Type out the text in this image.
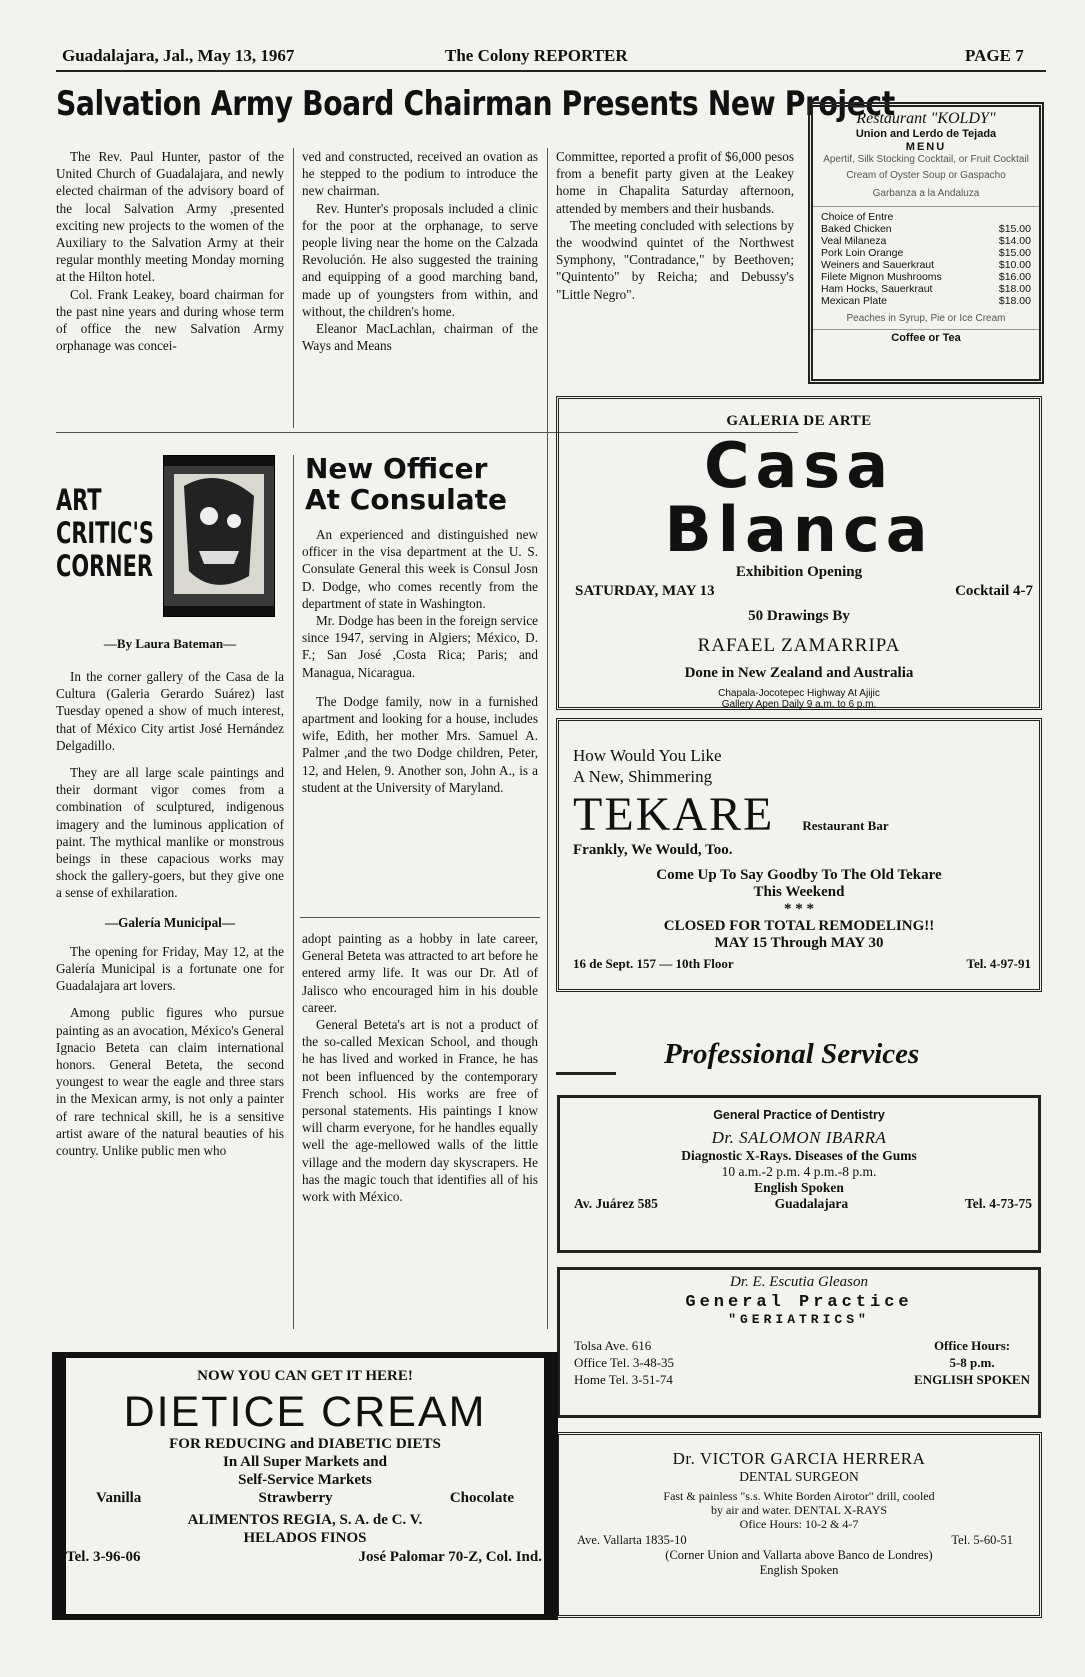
Guadalajara, Jal., May 13, 1967	The Colony REPORTER	PAGE 7
Salvation Army Board Chairman Presents New Project

The Rev. Paul Hunter, pastor of the United Church of Guadalajara, and newly elected chairman of the advisory board of the local Salvation Army ,presented exciting new projects to the women of the Auxiliary to the Salvation Army at their regular monthly meeting Monday morning at the Hilton hotel.

Col. Frank Leakey, board chairman for the past nine years and during whose term of office the new Salvation Army orphanage was concei-

ved and constructed, received an ovation as he stepped to the podium to introduce the new chairman.

Rev. Hunter's proposals included a clinic for the poor at the orphanage, to serve people living near the home on the Calzada Revolución. He also suggested the training and equipping of a good marching band, made up of youngsters from within, and without, the children's home.

Eleanor MacLachlan, chairman of the Ways and Means

Committee, reported a profit of $6,000 pesos from a benefit party given at the Leakey home in Chapalita Saturday afternoon, attended by members and their husbands.

The meeting concluded with selections by the woodwind quintet of the Northwest Symphony, "Contradance," by Beethoven; "Quintento" by Reicha; and Debussy's "Little Negro".

Restaurant "KOLDY"
Union and Lerdo de Tejada
MENU
Apertif, Silk Stocking Cocktail, or Fruit Cocktail
Cream of Oyster Soup or Gaspacho
Garbanza a la Andaluza
Choice of Entre
Baked Chicken	$15.00
Veal Milaneza	$14.00
Pork Loin Orange	$15.00
Weiners and Sauerkraut	$10.00
Filete Mignon Mushrooms	$16.00
Ham Hocks, Sauerkraut	$18.00
Mexican Plate	$18.00
Peaches in Syrup, Pie or Ice Cream
Coffee or Tea
ART CRITIC'S CORNER
—By Laura Bateman—

In the corner gallery of the Casa de la Cultura (Galeria Gerardo Suárez) last Tuesday opened a show of much interest, that of México City artist José Hernández Delgadillo.

They are all large scale paintings and their dormant vigor comes from a combination of sculptured, indigenous imagery and the luminous application of paint. The mythical manlike or monstrous beings in these capacious works may shock the gallery-goers, but they give one a sense of exhilaration.

—Galería Municipal—

The opening for Friday, May 12, at the Galería Municipal is a fortunate one for Guadalajara art lovers.

Among public figures who pursue painting as an avocation, México's General Ignacio Beteta can claim international honors. General Beteta, the second youngest to wear the eagle and three stars in the Mexican army, is not only a painter of rare technical skill, he is a sensitive artist aware of the natural beauties of his country. Unlike public men who

New Officer
At Consulate

An experienced and distinguished new officer in the visa department at the U. S. Consulate General this week is Consul Josn D. Dodge, who comes recently from the department of state in Washington.

Mr. Dodge has been in the foreign service since 1947, serving in Algiers; México, D. F.; San José ,Costa Rica; Paris; and Managua, Nicaragua.

The Dodge family, now in a furnished apartment and looking for a house, includes wife, Edith, her mother Mrs. Samuel A. Palmer ,and the two Dodge children, Peter, 12, and Helen, 9. Another son, John A., is a student at the University of Maryland.

adopt painting as a hobby in late career, General Beteta was attracted to art before he entered army life. It was our Dr. Atl of Jalisco who encouraged him in his double career.

General Beteta's art is not a product of the so-called Mexican School, and though he has lived and worked in France, he has not been influenced by the contemporary French school. His works are free of personal statements. His paintings I know will charm everyone, for he handles equally well the age-mellowed walls of the little village and the modern day skyscrapers. He has the magic touch that identifies all of his work with México.

GALERIA DE ARTE
Casa Blanca
Exhibition Opening
SATURDAY, MAY 13	Cocktail 4-7
50 Drawings By
RAFAEL ZAMARRIPA
Done in New Zealand and Australia
Chapala-Jocotepec Highway At Ajijic
Gallery Apen Daily 9 a.m. to 6 p.m.
How Would You Like
A New, Shimmering
TEKARE Restaurant Bar
Frankly, We Would, Too.
Come Up To Say Goodby To The Old Tekare
This Weekend
* * *
CLOSED FOR TOTAL REMODELING!!
MAY 15 Through MAY 30
16 de Sept. 157 — 10th Floor	Tel. 4-97-91
Professional Services
General Practice of Dentistry
Dr. SALOMON IBARRA
Diagnostic X-Rays. Diseases of the Gums
10 a.m.-2 p.m. 4 p.m.-8 p.m.
English Spoken
Av. Juárez 585	Guadalajara	Tel. 4-73-75
Dr. E. Escutia Gleason
General Practice
"GERIATRICS"
Tolsa Ave. 616
Office Tel. 3-48-35
Home Tel. 3-51-74
Office Hours:
5-8 p.m.
ENGLISH SPOKEN
Dr. VICTOR GARCIA HERRERA
DENTAL SURGEON
Fast & painless "s.s. White Borden Airotor" drill, cooled
by air and water. DENTAL X-RAYS
Ofice Hours: 10-2 & 4-7
Ave. Vallarta 1835-10	Tel. 5-60-51
(Corner Union and Vallarta above Banco de Londres)
English Spoken
NOW YOU CAN GET IT HERE!
DIETICE CREAM
FOR REDUCING and DIABETIC DIETS
In All Super Markets and
Self-Service Markets
Vanilla	Strawberry	Chocolate
ALIMENTOS REGIA, S. A. de C. V.
HELADOS FINOS
Tel. 3-96-06	José Palomar 70-Z, Col. Ind.
